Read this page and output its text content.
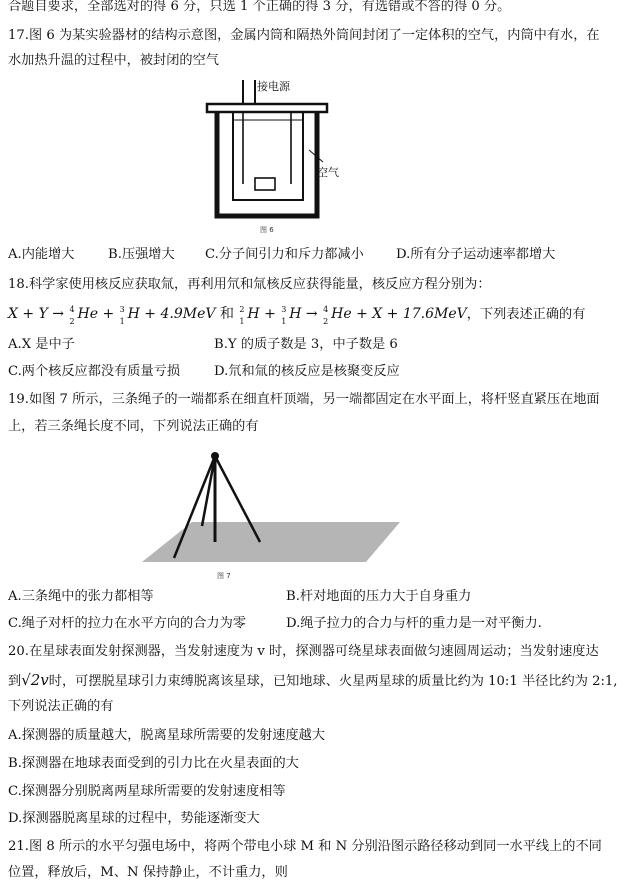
合题目要求，全部选对的得 6 分，只选 1 个正确的得 3 分，有选错或不答的得 0 分。
17.图 6 为某实验器材的结构示意图，金属内筒和隔热外筒间封闭了一定体积的空气，内筒中有水，在
水加热升温的过程中，被封闭的空气
接电源
空气
图 6
A.内能增大	B.压强增大 C.分子间引力和斥力都减小 D.所有分子运动速率都增大
18.科学家使用核反应获取氚，再利用氘和氚核反应获得能量，核反应方程分别为：
X + Y → 4
2 He + 3
1 H + 4.9MeV 和 2
1 H + 3
1 H → 4
2 He + X + 17.6MeV，下列表述正确的有
A.X 是中子	B.Y 的质子数是 3，中子数是 6
C.两个核反应都没有质量亏损	D.氘和氚的核反应是核聚变反应
19.如图 7 所示，三条绳子的一端都系在细直杆顶端，另一端都固定在水平面上，将杆竖直紧压在地面
上，若三条绳长度不同，下列说法正确的有
图 7
A.三条绳中的张力都相等	B.杆对地面的压力大于自身重力
C.绳子对杆的拉力在水平方向的合力为零	D.绳子拉力的合力与杆的重力是一对平衡力.
20.在星球表面发射探测器，当发射速度为 v 时，探测器可绕星球表面做匀速圆周运动；当发射速度达
到√2v时，可摆脱星球引力束缚脱离该星球，已知地球、火星两星球的质量比约为 10:1 半径比约为 2:1,
下列说法正确的有
A.探测器的质量越大，脱离星球所需要的发射速度越大
B.探测器在地球表面受到的引力比在火星表面的大
C.探测器分别脱离两星球所需要的发射速度相等
D.探测器脱离星球的过程中，势能逐渐变大
21.图 8 所示的水平匀强电场中，将两个带电小球 M 和 N 分别沿图示路径移动到同一水平线上的不同
位置，释放后，M、N 保持静止，不计重力，则
